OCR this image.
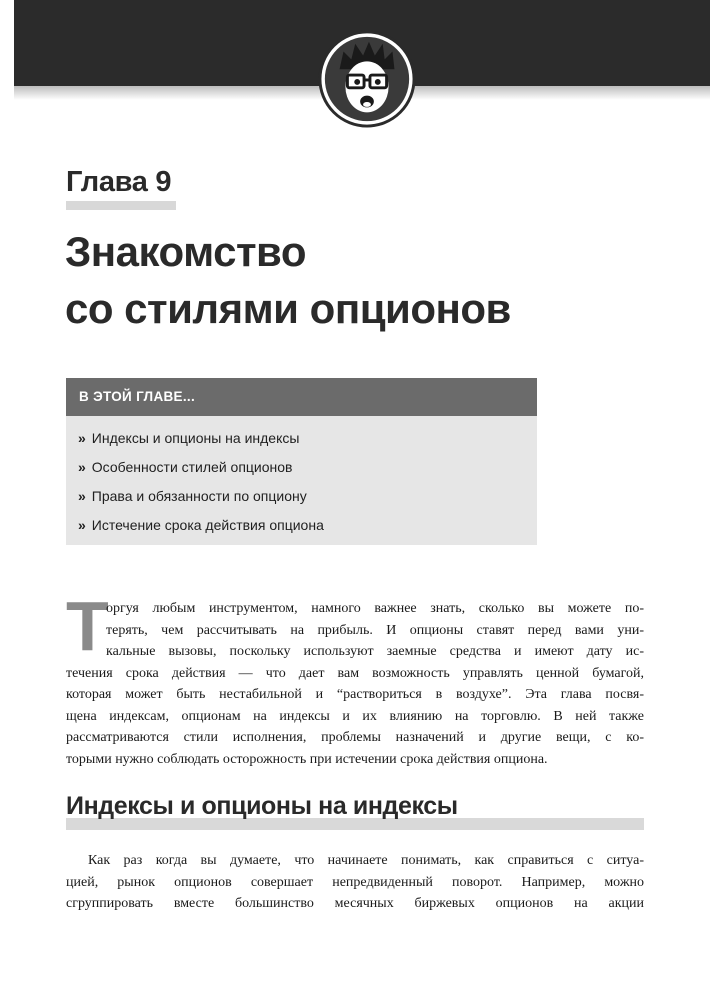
Глава 9
Знакомство
со стилями опционов
В ЭТОЙ ГЛАВЕ...
» Индексы и опционы на индексы
» Особенности стилей опционов
» Права и обязанности по опциону
» Истечение срока действия опциона
Т

оргуя любым инструментом, намного важнее знать, сколько вы можете по-
терять, чем рассчитывать на прибыль. И опционы ставят перед вами уни-
кальные вызовы, поскольку используют заемные средства и имеют дату ис-
течения срока действия — что дает вам возможность управлять ценной бумагой,
которая может быть нестабильной и “раствориться в воздухе”. Эта глава посвя-
щена индексам, опционам на индексы и их влиянию на торговлю. В ней также
рассматриваются стили исполнения, проблемы назначений и другие вещи, с ко-
торыми нужно соблюдать осторожность при истечении срока действия опциона.

Индексы и опционы на индексы

Как раз когда вы думаете, что начинаете понимать, как справиться с ситуа-
цией, рынок опционов совершает непредвиденный поворот. Например, можно
сгруппировать вместе большинство месячных биржевых опционов на акции
